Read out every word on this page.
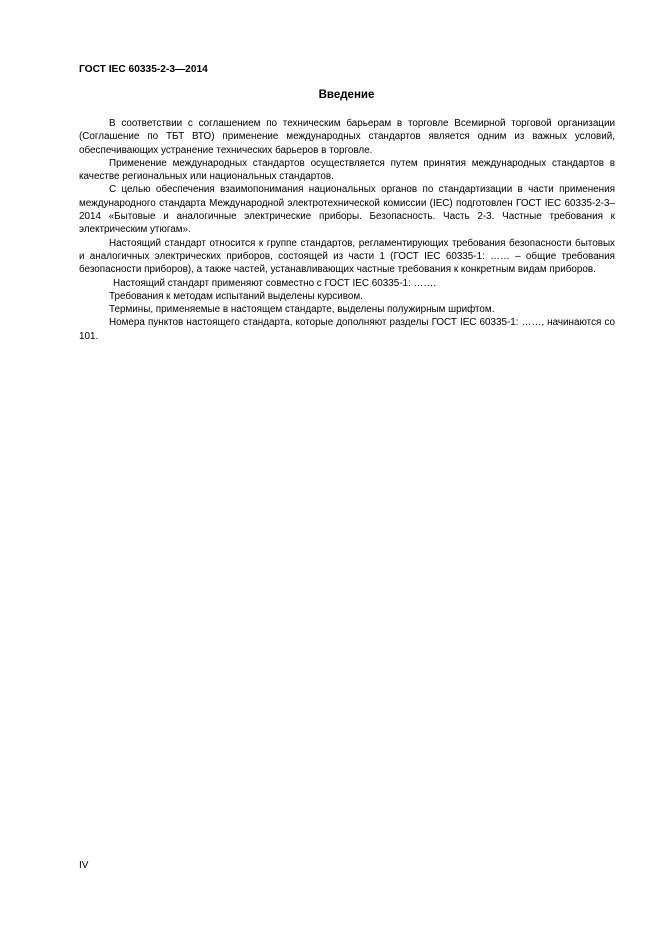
ГОСТ IEC 60335-2-3—2014
Введение

В соответствии с соглашением по техническим барьерам в торговле Всемирной торговой организации (Соглашение по ТБТ ВТО) применение международных стандартов является одним из важных условий, обеспечивающих устранение технических барьеров в торговле.

Применение международных стандартов осуществляется путем принятия международных стандартов в качестве региональных или национальных стандартов.

С целью обеспечения взаимопонимания национальных органов по стандартизации в части применения международного стандарта Международной электротехнической комиссии (IEC) подготовлен ГОСТ IEC 60335-2-3–2014 «Бытовые и аналогичные электрические приборы. Безопасность. Часть 2-3. Частные требования к электрическим утюгам».

Настоящий стандарт относится к группе стандартов, регламентирующих требования безопасности бытовых и аналогичных электрических приборов, состоящей из части 1 (ГОСТ IEC 60335-1: …… – общие требования безопасности приборов), а также частей, устанавливающих частные требования к конкретным видам приборов.

Настоящий стандарт применяют совместно с ГОСТ IEC 60335-1: …….

Требования к методам испытаний выделены курсивом.

Термины, применяемые в настоящем стандарте, выделены полужирным шрифтом.

Номера пунктов настоящего стандарта, которые дополняют разделы ГОСТ IEC 60335-1: ……, начинаются со 101.

IV
